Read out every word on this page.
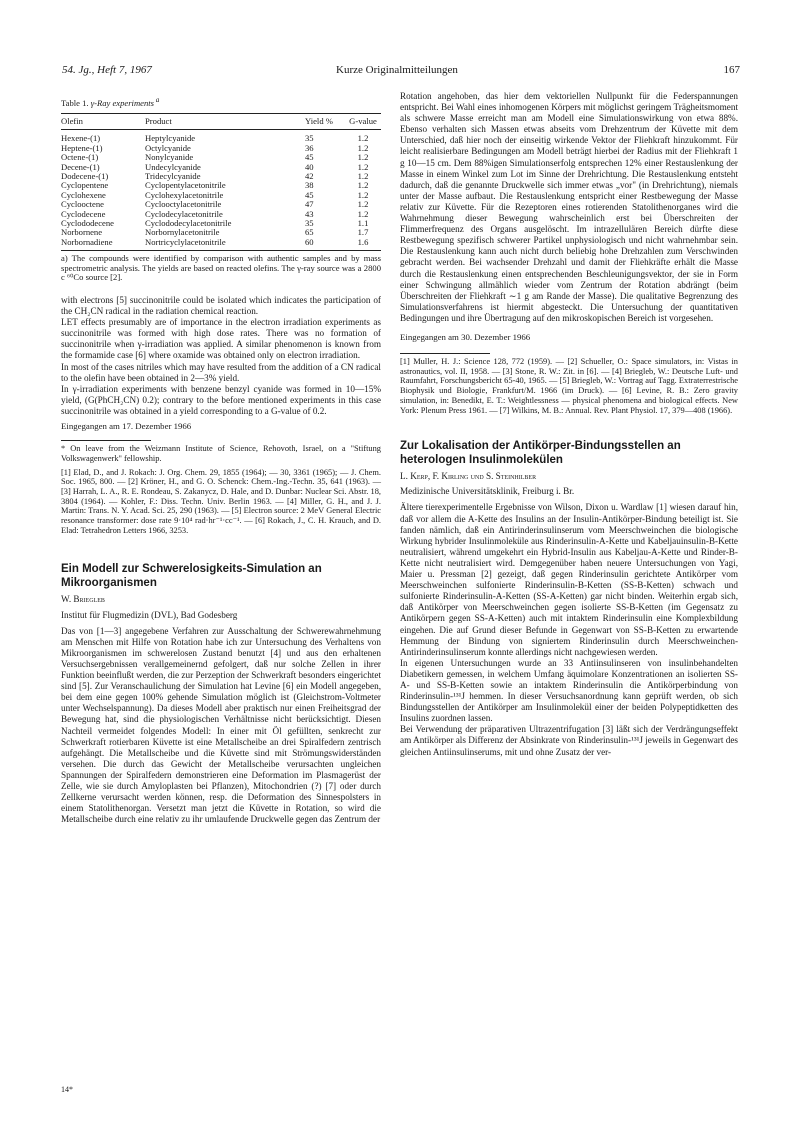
54. Jg., Heft 7, 1967	Kurze Originalmitteilungen	167
Table 1. γ-Ray experiments $^a$
Olefin	Product	Yield %	G-value
Hexene-(1)	Heptylcyanide	35	1.2
Heptene-(1)	Octylcyanide	36	1.2
Octene-(1)	Nonylcyanide	45	1.2
Decene-(1)	Undecylcyanide	40	1.2
Dodecene-(1)	Tridecylcyanide	42	1.2
Cyclopentene	Cyclopentylacetonitrile	38	1.2
Cyclohexene	Cyclohexylacetonitrile	45	1.2
Cyclooctene	Cyclooctylacetonitrile	47	1.2
Cyclodecene	Cyclodecylacetonitrile	43	1.2
Cyclododecene	Cyclododecylacetonitrile	35	1.1
Norbornene	Norbornylacetonitrile	65	1.7
Norbornadiene	Nortricyclylacetonitrile	60	1.6
a) The compounds were identified by comparison with authentic samples and by mass spectrometric analysis. The yields are based on reacted olefins. The γ-ray source was a 2800 c ⁶⁰Co source [2].

with electrons [5] succinonitrile could be isolated which indicates the participation of the CH₂CN radical in the radiation chemical reaction.

LET effects presumably are of importance in the electron irradiation experiments as succinonitrile was formed with high dose rates. There was no formation of succinonitrile when γ-irradiation was applied. A similar phenomenon is known from the formamide case [6] where oxamide was obtained only on electron irradiation.

In most of the cases nitriles which may have resulted from the addition of a CN radical to the olefin have been obtained in 2—3% yield.

In γ-irradiation experiments with benzene benzyl cyanide was formed in 10—15% yield, (G(PhCH₂CN) 0.2); contrary to the before mentioned experiments in this case succinonitrile was obtained in a yield corresponding to a G-value of 0.2.

Eingegangen am 17. Dezember 1966

* On leave from the Weizmann Institute of Science, Rehovoth, Israel, on a "Stiftung Volkswagenwerk" fellowship.

[1] Elad, D., and J. Rokach: J. Org. Chem. 29, 1855 (1964); — 30, 3361 (1965); — J. Chem. Soc. 1965, 800. — [2] Kröner, H., and G. O. Schenck: Chem.-Ing.-Techn. 35, 641 (1963). — [3] Harrah, L. A., R. E. Rondeau, S. Zakanycz, D. Hale, and D. Dunbar: Nuclear Sci. Abstr. 18, 3804 (1964). — Kohler, F.: Diss. Techn. Univ. Berlin 1963. — [4] Miller, G. H., and J. J. Martin: Trans. N. Y. Acad. Sci. 25, 290 (1963). — [5] Electron source: 2 MeV General Electric resonance transformer: dose rate 9·10⁴ rad·hr⁻¹·cc⁻¹. — [6] Rokach, J., C. H. Krauch, and D. Elad: Tetrahedron Letters 1966, 3253.

Ein Modell zur Schwerelosigkeits-Simulation an Mikroorganismen
W. Briegleb
Institut für Flugmedizin (DVL), Bad Godesberg

Das von [1—3] angegebene Verfahren zur Ausschaltung der Schwerewahrnehmung am Menschen mit Hilfe von Rotation habe ich zur Untersuchung des Verhaltens von Mikroorganismen im schwerelosen Zustand benutzt [4] und aus den erhaltenen Versuchsergebnissen verallgemeinernd gefolgert, daß nur solche Zellen in ihrer Funktion beeinflußt werden, die zur Perzeption der Schwerkraft besonders eingerichtet sind [5]. Zur Veranschaulichung der Simulation hat Levine [6] ein Modell angegeben, bei dem eine gegen 100% gehende Simulation möglich ist (Gleichstrom-Voltmeter unter Wechselspannung). Da dieses Modell aber praktisch nur einen Freiheitsgrad der Bewegung hat, sind die physiologischen Verhältnisse nicht berücksichtigt. Diesen Nachteil vermeidet folgendes Modell: In einer mit Öl gefüllten, senkrecht zur Schwerkraft rotierbaren Küvette ist eine Metallscheibe an drei Spiralfedern zentrisch aufgehängt. Die Metallscheibe und die Küvette sind mit Strömungswiderständen versehen. Die durch das Gewicht der Metallscheibe verursachten ungleichen Spannungen der Spiralfedern demonstrieren eine Deformation im Plasmagerüst der Zelle, wie sie durch Amyloplasten bei Pflanzen), Mitochondrien (?) [7] oder durch Zellkerne verursacht werden können, resp. die Deformation des Sinnespolsters in einem Statolithenorgan. Versetzt man jetzt die Küvette in Rotation, so wird die Metallscheibe durch eine relativ zu ihr umlaufende Druckwelle gegen das Zentrum der

14*

Rotation angehoben, das hier dem vektoriellen Nullpunkt für die Federspannungen entspricht. Bei Wahl eines inhomogenen Körpers mit möglichst geringem Trägheitsmoment als schwere Masse erreicht man am Modell eine Simulationswirkung von etwa 88%. Ebenso verhalten sich Massen etwas abseits vom Drehzentrum der Küvette mit dem Unterschied, daß hier noch der einseitig wirkende Vektor der Fliehkraft hinzukommt. Für leicht realisierbare Bedingungen am Modell beträgt hierbei der Radius mit der Fliehkraft 1 g 10—15 cm. Dem 88%igen Simulationserfolg entsprechen 12% einer Restauslenkung der Masse in einem Winkel zum Lot im Sinne der Drehrichtung. Die Restauslenkung entsteht dadurch, daß die genannte Druckwelle sich immer etwas „vor" (in Drehrichtung), niemals unter der Masse aufbaut. Die Restauslenkung entspricht einer Restbewegung der Masse relativ zur Küvette. Für die Rezeptoren eines rotierenden Statolithenorganes wird die Wahrnehmung dieser Bewegung wahrscheinlich erst bei Überschreiten der Flimmerfrequenz des Organs ausgelöscht. Im intrazellulären Bereich dürfte diese Restbewegung spezifisch schwerer Partikel unphysiologisch und nicht wahrnehmbar sein. Die Restauslenkung kann auch nicht durch beliebig hohe Drehzahlen zum Verschwinden gebracht werden. Bei wachsender Drehzahl und damit der Fliehkräfte erhält die Masse durch die Restauslenkung einen entsprechenden Beschleunigungsvektor, der sie in Form einer Schwingung allmählich wieder vom Zentrum der Rotation abdrängt (beim Überschreiten der Fliehkraft ∼1 g am Rande der Masse). Die qualitative Begrenzung des Simulationsverfahrens ist hiermit abgesteckt. Die Untersuchung der quantitativen Bedingungen und ihre Übertragung auf den mikroskopischen Bereich ist vorgesehen.

Eingegangen am 30. Dezember 1966

[1] Muller, H. J.: Science 128, 772 (1959). — [2] Schueller, O.: Space simulators, in: Vistas in astronautics, vol. II, 1958. — [3] Stone, R. W.: Zit. in [6]. — [4] Briegleb, W.: Deutsche Luft- und Raumfahrt, Forschungsbericht 65-40, 1965. — [5] Briegleb, W.: Vortrag auf Tagg. Extraterrestrische Biophysik und Biologie, Frankfurt/M. 1966 (im Druck). — [6] Levine, R. B.: Zero gravity simulation, in: Benedikt, E. T.: Weightlessness — physical phenomena and biological effects. New York: Plenum Press 1961. — [7] Wilkins, M. B.: Annual. Rev. Plant Physiol. 17, 379—408 (1966).

Zur Lokalisation der Antikörper-Bindungsstellen an heterologen Insulinmolekülen
L. Kerp, F. Kirling und S. Steinhilber
Medizinische Universitätsklinik, Freiburg i. Br.

Ältere tierexperimentelle Ergebnisse von Wilson, Dixon u. Wardlaw [1] wiesen darauf hin, daß vor allem die A-Kette des Insulins an der Insulin-Antikörper-Bindung beteiligt ist. Sie fanden nämlich, daß ein Antirinderinsulinserum vom Meerschweinchen die biologische Wirkung hybrider Insulinmoleküle aus Rinderinsulin-A-Kette und Kabeljauinsulin-B-Kette neutralisiert, während umgekehrt ein Hybrid-Insulin aus Kabeljau-A-Kette und Rinder-B-Kette nicht neutralisiert wird. Demgegenüber haben neuere Untersuchungen von Yagi, Maier u. Pressman [2] gezeigt, daß gegen Rinderinsulin gerichtete Antikörper vom Meerschweinchen sulfonierte Rinderinsulin-B-Ketten (SS-B-Ketten) schwach und sulfonierte Rinderinsulin-A-Ketten (SS-A-Ketten) gar nicht binden. Weiterhin ergab sich, daß Antikörper von Meerschweinchen gegen isolierte SS-B-Ketten (im Gegensatz zu Antikörpern gegen SS-A-Ketten) auch mit intaktem Rinderinsulin eine Komplexbildung eingehen. Die auf Grund dieser Befunde in Gegenwart von SS-B-Ketten zu erwartende Hemmung der Bindung von signiertem Rinderinsulin durch Meerschweinchen-Antirinderinsulinserum konnte allerdings nicht nachgewiesen werden.

In eigenen Untersuchungen wurde an 33 Antiinsulinseren von insulinbehandelten Diabetikern gemessen, in welchem Umfang äquimolare Konzentrationen an isolierten SS-A- und SS-B-Ketten sowie an intaktem Rinderinsulin die Antikörperbindung von Rinderinsulin-¹³¹J hemmen. In dieser Versuchsanordnung kann geprüft werden, ob sich Bindungsstellen der Antikörper am Insulinmolekül einer der beiden Polypeptidketten des Insulins zuordnen lassen.

Bei Verwendung der präparativen Ultrazentrifugation [3] läßt sich der Verdrängungseffekt am Antikörper als Differenz der Absinkrate von Rinderinsulin-¹³¹J jeweils in Gegenwart des gleichen Antiinsulinserums, mit und ohne Zusatz der ver-
